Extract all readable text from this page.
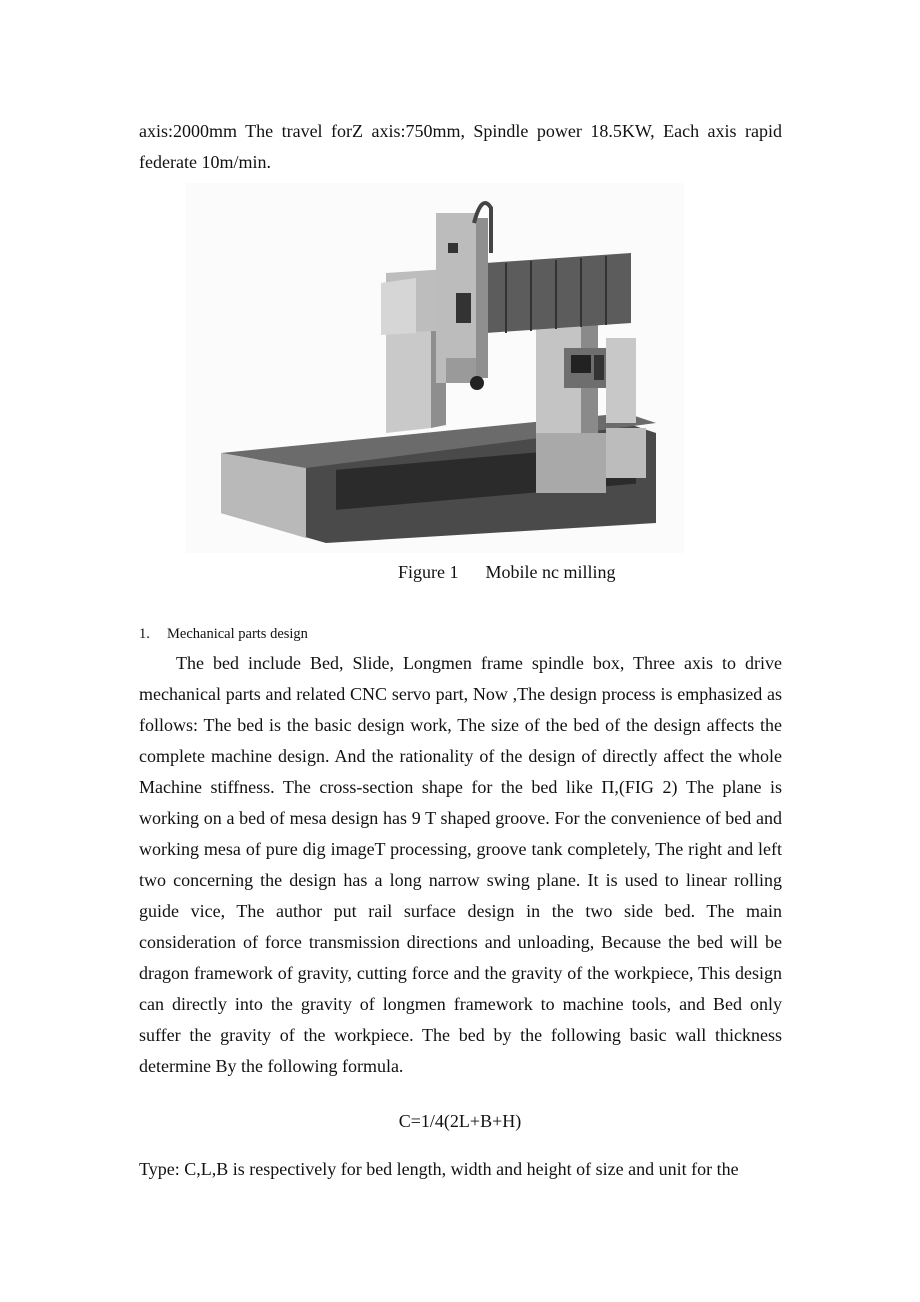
axis:2000mm The travel forZ axis:750mm, Spindle power 18.5KW, Each axis rapid federate 10m/min.
Figure 1 Mobile nc milling
1. Mechanical parts design

The bed include Bed, Slide, Longmen frame spindle box, Three axis to drive mechanical parts and related CNC servo part, Now ,The design process is emphasized as follows: The bed is the basic design work, The size of the bed of the design affects the complete machine design. And the rationality of the design of directly affect the whole Machine stiffness. The cross-section shape for the bed like Π,(FIG 2) The plane is working on a bed of mesa design has 9 T shaped groove. For the convenience of bed and working mesa of pure dig imageT processing, groove tank completely, The right and left two concerning the design has a long narrow swing plane. It is used to linear rolling guide vice, The author put rail surface design in the two side bed. The main consideration of force transmission directions and unloading, Because the bed will be dragon framework of gravity, cutting force and the gravity of the workpiece, This design can directly into the gravity of longmen framework to machine tools, and Bed only suffer the gravity of the workpiece. The bed by the following basic wall thickness determine By the following formula.

C=1/4(2L+B+H)

Type: C,L,B is respectively for bed length, width and height of size and unit for the
